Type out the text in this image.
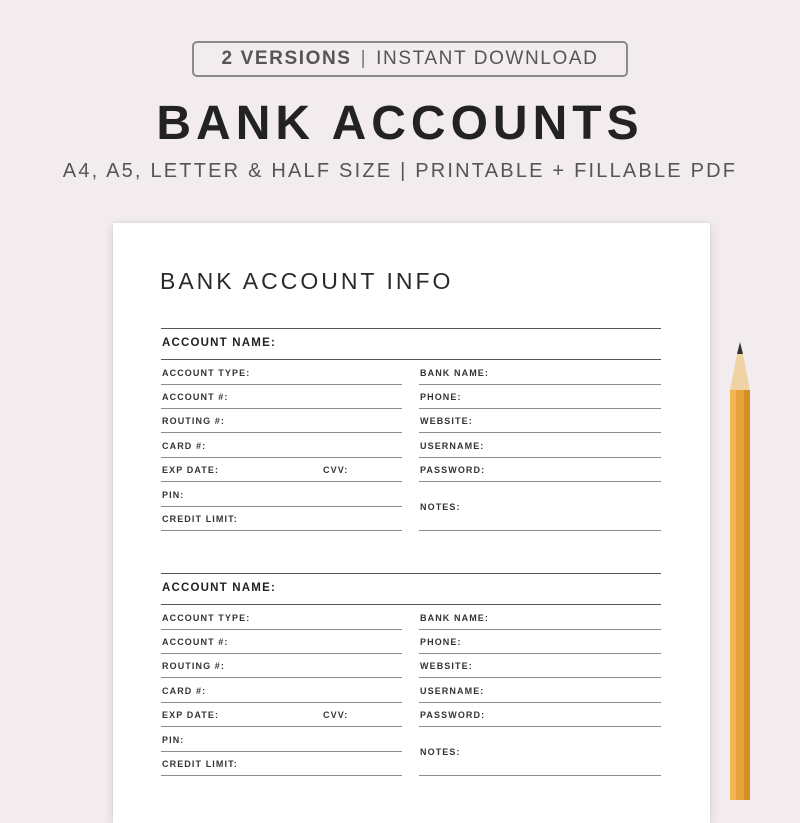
2 VERSIONS | INSTANT DOWNLOAD
BANK ACCOUNTS
A4, A5, LETTER & HALF SIZE | PRINTABLE + FILLABLE PDF
BANK ACCOUNT INFO
ACCOUNT NAME:
ACCOUNT TYPE:
ACCOUNT #:
ROUTING #:
CARD #:
EXP DATE:	CVV:
PIN:
CREDIT LIMIT:
BANK NAME:
PHONE:
WEBSITE:
USERNAME:
PASSWORD:
NOTES:
ACCOUNT NAME:
ACCOUNT TYPE:
ACCOUNT #:
ROUTING #:
CARD #:
EXP DATE:	CVV:
PIN:
CREDIT LIMIT:
BANK NAME:
PHONE:
WEBSITE:
USERNAME:
PASSWORD:
NOTES:
